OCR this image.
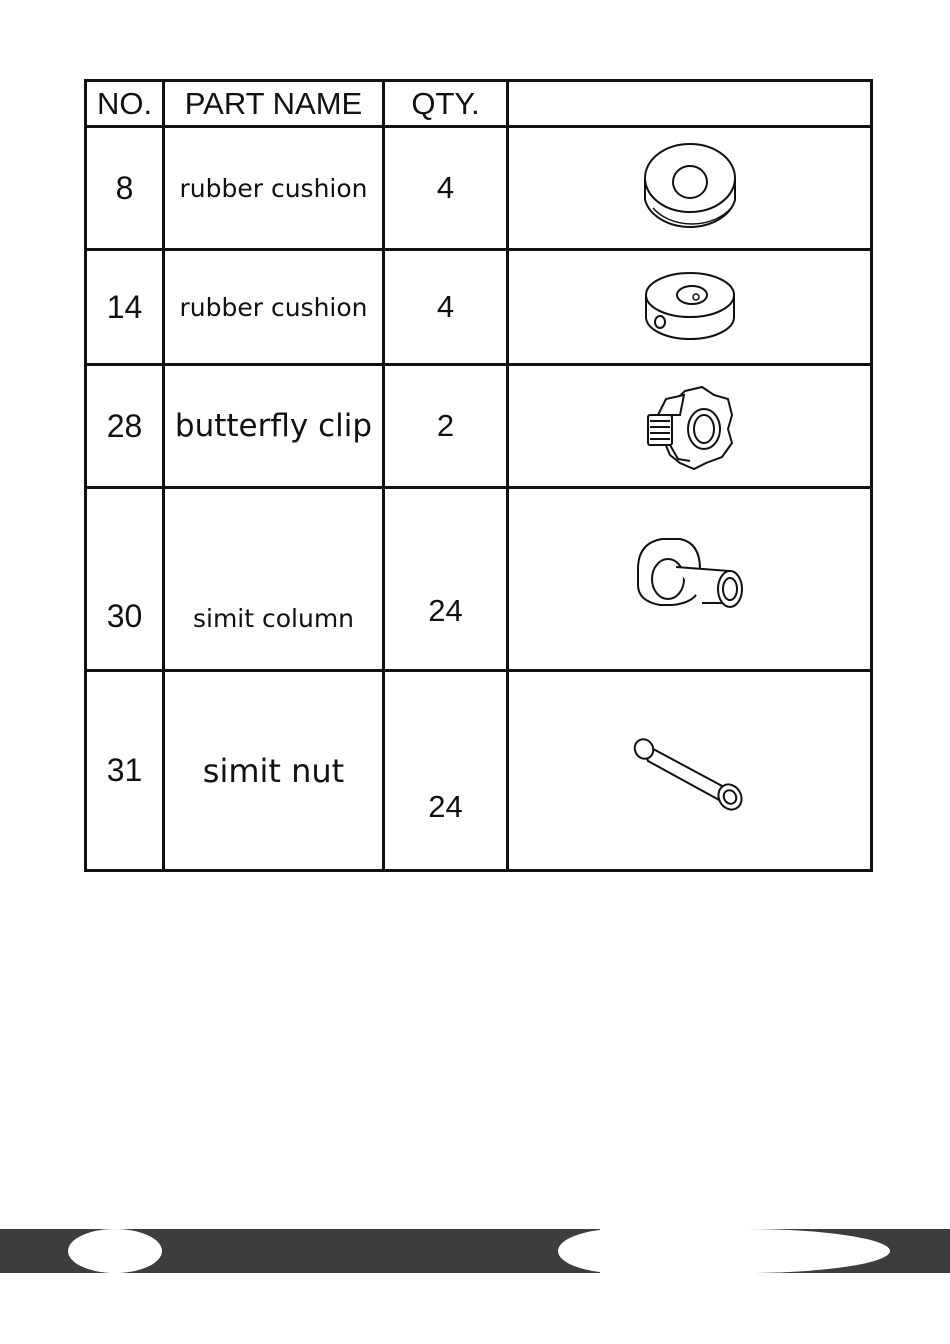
NO.	PART NAME	QTY.	
8	rubber cushion	4	

14	rubber cushion	4	

28	butterfly clip	2	

30	simit column	24	

31	simit nut	24	
